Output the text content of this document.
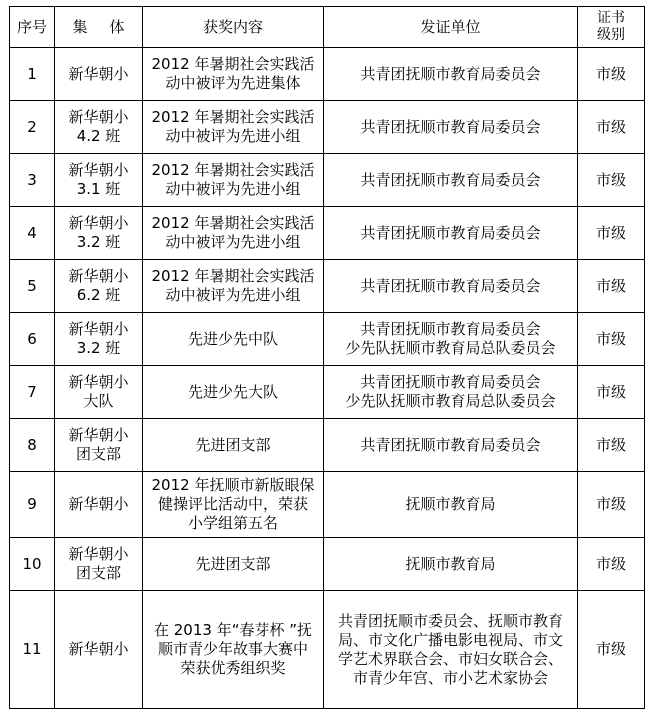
序号	集 体	获奖内容	发证单位	证书
级别

1	新华朝小	2012 年暑期社会实践活
动中被评为先进集体	共青团抚顺市教育局委员会	市级
2	新华朝小
4.2 班	2012 年暑期社会实践活
动中被评为先进小组	共青团抚顺市教育局委员会	市级
3	新华朝小
3.1 班	2012 年暑期社会实践活
动中被评为先进小组	共青团抚顺市教育局委员会	市级
4	新华朝小
3.2 班	2012 年暑期社会实践活
动中被评为先进小组	共青团抚顺市教育局委员会	市级
5	新华朝小
6.2 班	2012 年暑期社会实践活
动中被评为先进小组	共青团抚顺市教育局委员会	市级
6	新华朝小
3.2 班	先进少先中队	共青团抚顺市教育局委员会
少先队抚顺市教育局总队委员会	市级
7	新华朝小
大队	先进少先大队	共青团抚顺市教育局委员会
少先队抚顺市教育局总队委员会	市级
8	新华朝小
团支部	先进团支部	共青团抚顺市教育局委员会	市级
9	新华朝小	2012 年抚顺市新版眼保
健操评比活动中，荣获
小学组第五名	抚顺市教育局	市级
10	新华朝小
团支部	先进团支部	抚顺市教育局	市级
11	新华朝小	在 2013 年“春芽杯 ”抚
顺市青少年故事大赛中
荣获优秀组织奖	共青团抚顺市委员会、抚顺市教育
局、市文化广播电影电视局、市文
学艺术界联合会、市妇女联合会、
市青少年宫、市小艺术家协会	市级
